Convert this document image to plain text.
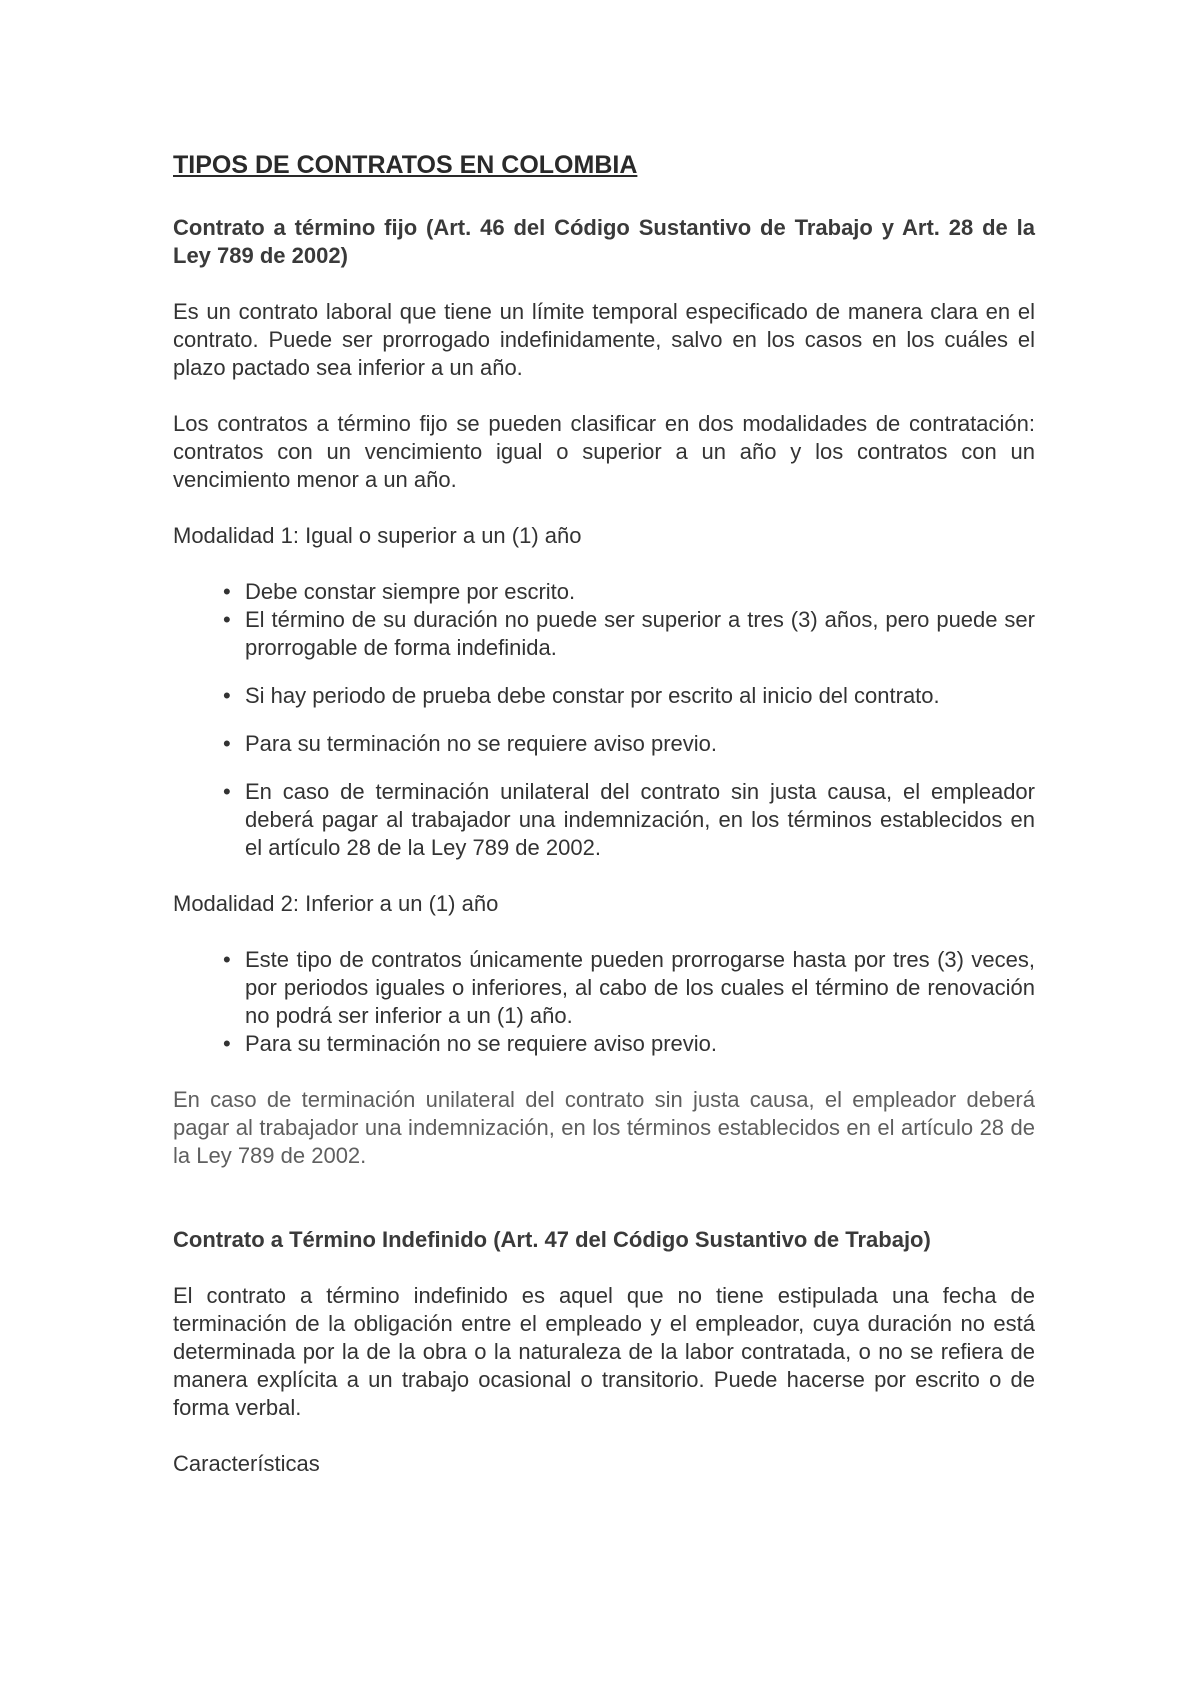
TIPOS DE CONTRATOS EN COLOMBIA
Contrato a término fijo (Art. 46 del Código Sustantivo de Trabajo y Art. 28 de la Ley 789 de 2002)

Es un contrato laboral que tiene un límite temporal especificado de manera clara en el contrato. Puede ser prorrogado indefinidamente, salvo en los casos en los cuáles el plazo pactado sea inferior a un año.

Los contratos a término fijo se pueden clasificar en dos modalidades de contratación: contratos con un vencimiento igual o superior a un año y los contratos con un vencimiento menor a un año.

Modalidad 1: Igual o superior a un (1) año

• Debe constar siempre por escrito.
• El término de su duración no puede ser superior a tres (3) años, pero puede ser prorrogable de forma indefinida.
• Si hay periodo de prueba debe constar por escrito al inicio del contrato.
• Para su terminación no se requiere aviso previo.
• En caso de terminación unilateral del contrato sin justa causa, el empleador deberá pagar al trabajador una indemnización, en los términos establecidos en el artículo 28 de la Ley 789 de 2002.

Modalidad 2: Inferior a un (1) año

• Este tipo de contratos únicamente pueden prorrogarse hasta por tres (3) veces, por periodos iguales o inferiores, al cabo de los cuales el término de renovación no podrá ser inferior a un (1) año.
• Para su terminación no se requiere aviso previo.

En caso de terminación unilateral del contrato sin justa causa, el empleador deberá pagar al trabajador una indemnización, en los términos establecidos en el artículo 28 de la Ley 789 de 2002.

Contrato a Término Indefinido (Art. 47 del Código Sustantivo de Trabajo)

El contrato a término indefinido es aquel que no tiene estipulada una fecha de terminación de la obligación entre el empleado y el empleador, cuya duración no está determinada por la de la obra o la naturaleza de la labor contratada, o no se refiera de manera explícita a un trabajo ocasional o transitorio. Puede hacerse por escrito o de forma verbal.

Características
